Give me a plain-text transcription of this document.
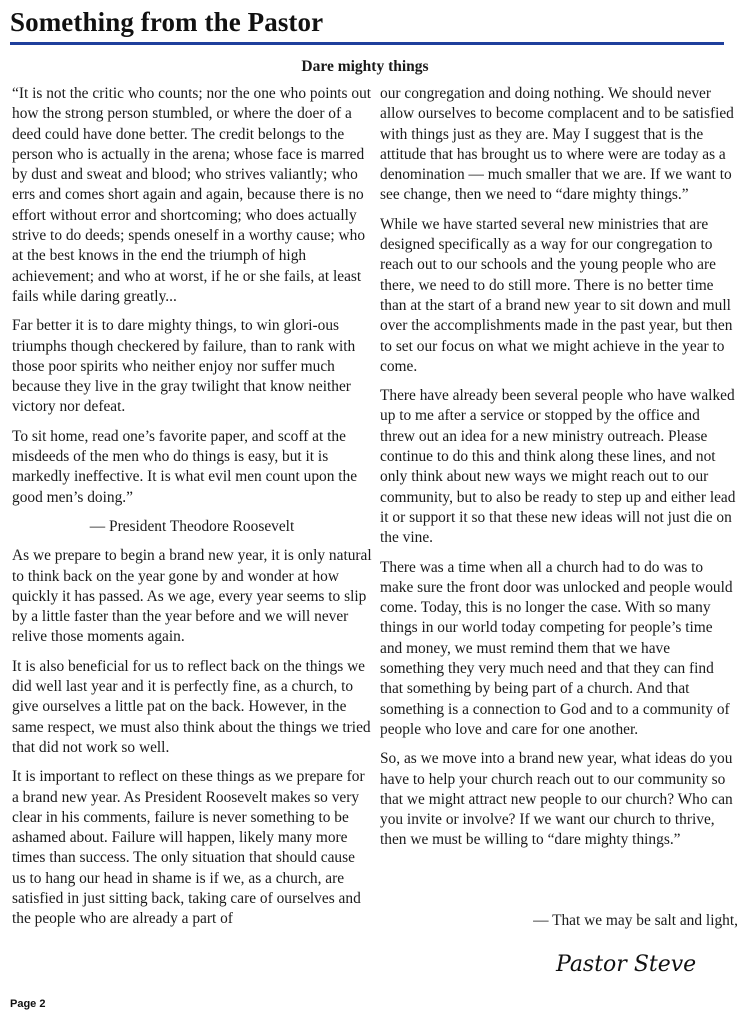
Something from the Pastor
Dare mighty things

“It is not the critic who counts; nor the one who points out how the strong person stumbled, or where the doer of a deed could have done better. The credit belongs to the person who is actually in the arena; whose face is marred by dust and sweat and blood; who strives valiantly; who errs and comes short again and again, because there is no effort without error and shortcoming; who does actually strive to do deeds; spends oneself in a worthy cause; who at the best knows in the end the triumph of high achievement; and who at worst, if he or she fails, at least fails while daring greatly...

Far better it is to dare mighty things, to win glori-ous triumphs though checkered by failure, than to rank with those poor spirits who neither enjoy nor suffer much because they live in the gray twilight that know neither victory nor defeat.

To sit home, read one’s favorite paper, and scoff at the misdeeds of the men who do things is easy, but it is markedly ineffective. It is what evil men count upon the good men’s doing.”

— President Theodore Roosevelt

As we prepare to begin a brand new year, it is only natural to think back on the year gone by and wonder at how quickly it has passed. As we age, every year seems to slip by a little faster than the year before and we will never relive those moments again.

It is also beneficial for us to reflect back on the things we did well last year and it is perfectly fine, as a church, to give ourselves a little pat on the back. However, in the same respect, we must also think about the things we tried that did not work so well.

It is important to reflect on these things as we prepare for a brand new year. As President Roosevelt makes so very clear in his comments, failure is never something to be ashamed about. Failure will happen, likely many more times than success. The only situation that should cause us to hang our head in shame is if we, as a church, are satisfied in just sitting back, taking care of ourselves and the people who are already a part of

our congregation and doing nothing. We should never allow ourselves to become complacent and to be satisfied with things just as they are. May I suggest that is the attitude that has brought us to where were are today as a denomination — much smaller that we are. If we want to see change, then we need to “dare mighty things.”

While we have started several new ministries that are designed specifically as a way for our congregation to reach out to our schools and the young people who are there, we need to do still more. There is no better time than at the start of a brand new year to sit down and mull over the accomplishments made in the past year, but then to set our focus on what we might achieve in the year to come.

There have already been several people who have walked up to me after a service or stopped by the office and threw out an idea for a new ministry outreach. Please continue to do this and think along these lines, and not only think about new ways we might reach out to our community, but to also be ready to step up and either lead it or support it so that these new ideas will not just die on the vine.

There was a time when all a church had to do was to make sure the front door was unlocked and people would come. Today, this is no longer the case. With so many things in our world today competing for people’s time and money, we must remind them that we have something they very much need and that they can find that something by being part of a church. And that something is a connection to God and to a community of people who love and care for one another.

So, as we move into a brand new year, what ideas do you have to help your church reach out to our community so that we might attract new people to our church? Who can you invite or involve? If we want our church to thrive, then we must be willing to “dare mighty things.”

— That we may be salt and light,
Pastor Steve
Page 2
